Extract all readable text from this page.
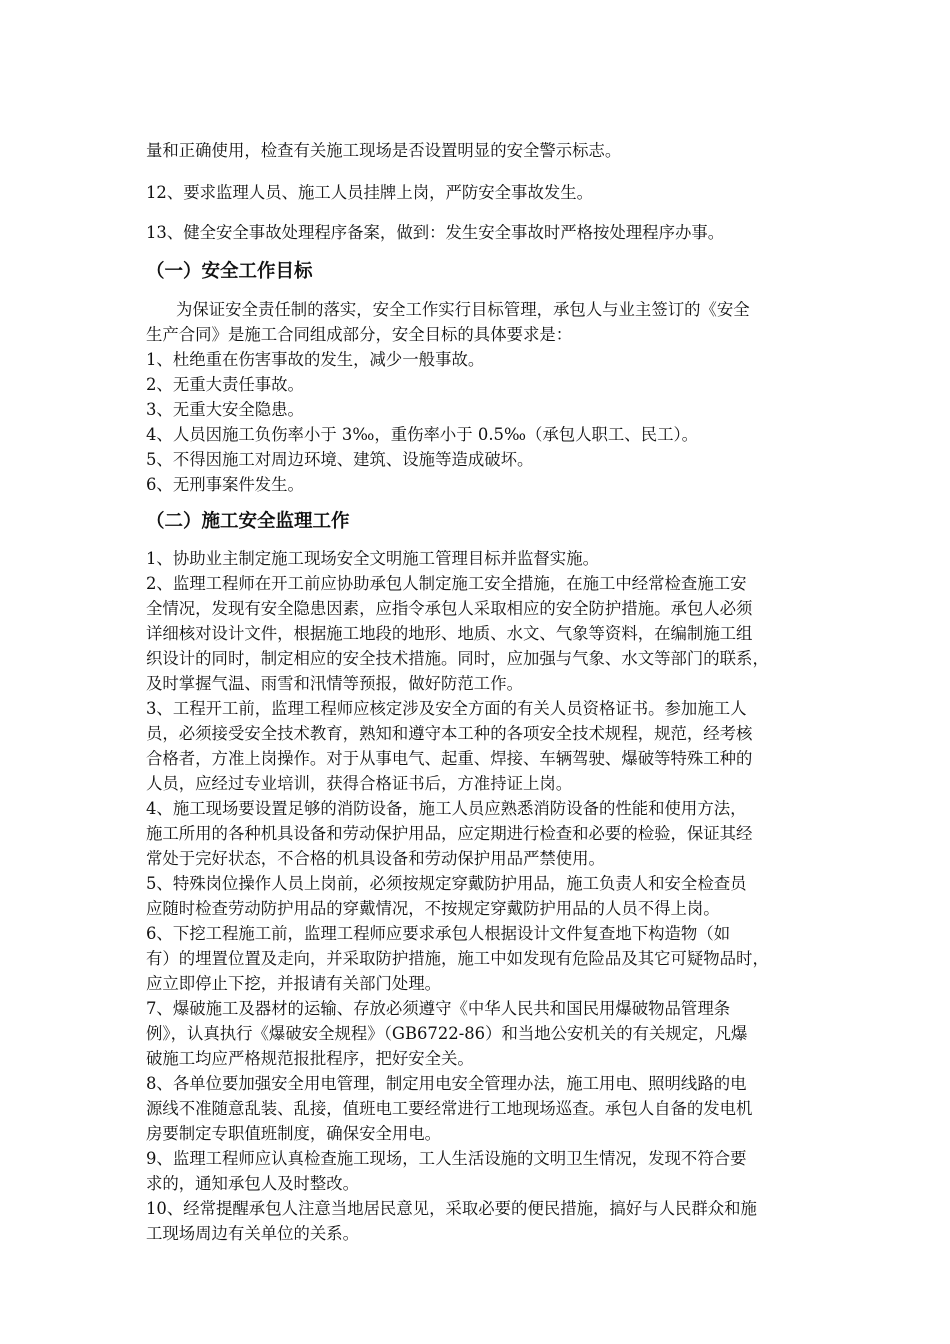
量和正确使用，检查有关施工现场是否设置明显的安全警示标志。
12、要求监理人员、施工人员挂牌上岗，严防安全事故发生。
13、健全安全事故处理程序备案，做到：发生安全事故时严格按处理程序办事。
（一）安全工作目标
为保证安全责任制的落实，安全工作实行目标管理，承包人与业主签订的《安全
生产合同》是施工合同组成部分，安全目标的具体要求是：
1、杜绝重在伤害事故的发生，减少一般事故。
2、无重大责任事故。
3、无重大安全隐患。
4、人员因施工负伤率小于 3‰，重伤率小于 0.5‰（承包人职工、民工）。
5、不得因施工对周边环境、建筑、设施等造成破坏。
6、无刑事案件发生。
（二）施工安全监理工作
1、协助业主制定施工现场安全文明施工管理目标并监督实施。
2、监理工程师在开工前应协助承包人制定施工安全措施，在施工中经常检查施工安
全情况，发现有安全隐患因素，应指令承包人采取相应的安全防护措施。承包人必须
详细核对设计文件，根据施工地段的地形、地质、水文、气象等资料，在编制施工组
织设计的同时，制定相应的安全技术措施。同时，应加强与气象、水文等部门的联系，
及时掌握气温、雨雪和汛情等预报，做好防范工作。
3、工程开工前，监理工程师应核定涉及安全方面的有关人员资格证书。参加施工人
员，必须接受安全技术教育，熟知和遵守本工种的各项安全技术规程，规范，经考核
合格者，方准上岗操作。对于从事电气、起重、焊接、车辆驾驶、爆破等特殊工种的
人员，应经过专业培训，获得合格证书后，方准持证上岗。
4、施工现场要设置足够的消防设备，施工人员应熟悉消防设备的性能和使用方法，
施工所用的各种机具设备和劳动保护用品，应定期进行检查和必要的检验，保证其经
常处于完好状态，不合格的机具设备和劳动保护用品严禁使用。
5、特殊岗位操作人员上岗前，必须按规定穿戴防护用品，施工负责人和安全检查员
应随时检查劳动防护用品的穿戴情况，不按规定穿戴防护用品的人员不得上岗。
6、下挖工程施工前，监理工程师应要求承包人根据设计文件复查地下构造物（如
有）的埋置位置及走向，并采取防护措施，施工中如发现有危险品及其它可疑物品时，
应立即停止下挖，并报请有关部门处理。
7、爆破施工及器材的运输、存放必须遵守《中华人民共和国民用爆破物品管理条
例》，认真执行《爆破安全规程》（GB6722-86）和当地公安机关的有关规定，凡爆
破施工均应严格规范报批程序，把好安全关。
8、各单位要加强安全用电管理，制定用电安全管理办法，施工用电、照明线路的电
源线不准随意乱装、乱接，值班电工要经常进行工地现场巡查。承包人自备的发电机
房要制定专职值班制度，确保安全用电。
9、监理工程师应认真检查施工现场，工人生活设施的文明卫生情况，发现不符合要
求的，通知承包人及时整改。
10、经常提醒承包人注意当地居民意见，采取必要的便民措施，搞好与人民群众和施
工现场周边有关单位的关系。
